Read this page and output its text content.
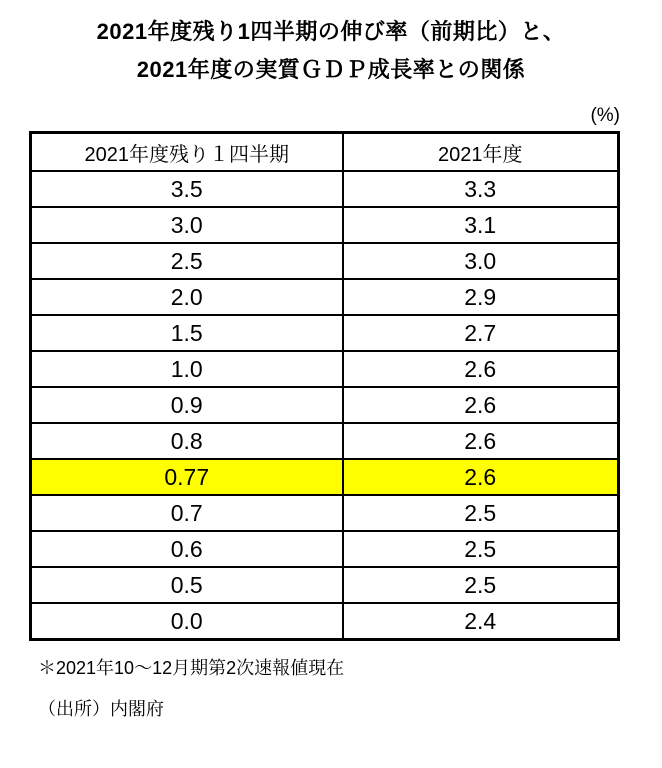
2021年度残り1四半期の伸び率（前期比）と、
2021年度の実質ＧＤＰ成長率との関係
(%)
2021年度残り１四半期	2021年度
3.5	3.3
3.0	3.1
2.5	3.0
2.0	2.9
1.5	2.7
1.0	2.6
0.9	2.6
0.8	2.6
0.77	2.6
0.7	2.5
0.6	2.5
0.5	2.5
0.0	2.4
＊2021年10～12月期第2次速報値現在
（出所）内閣府
